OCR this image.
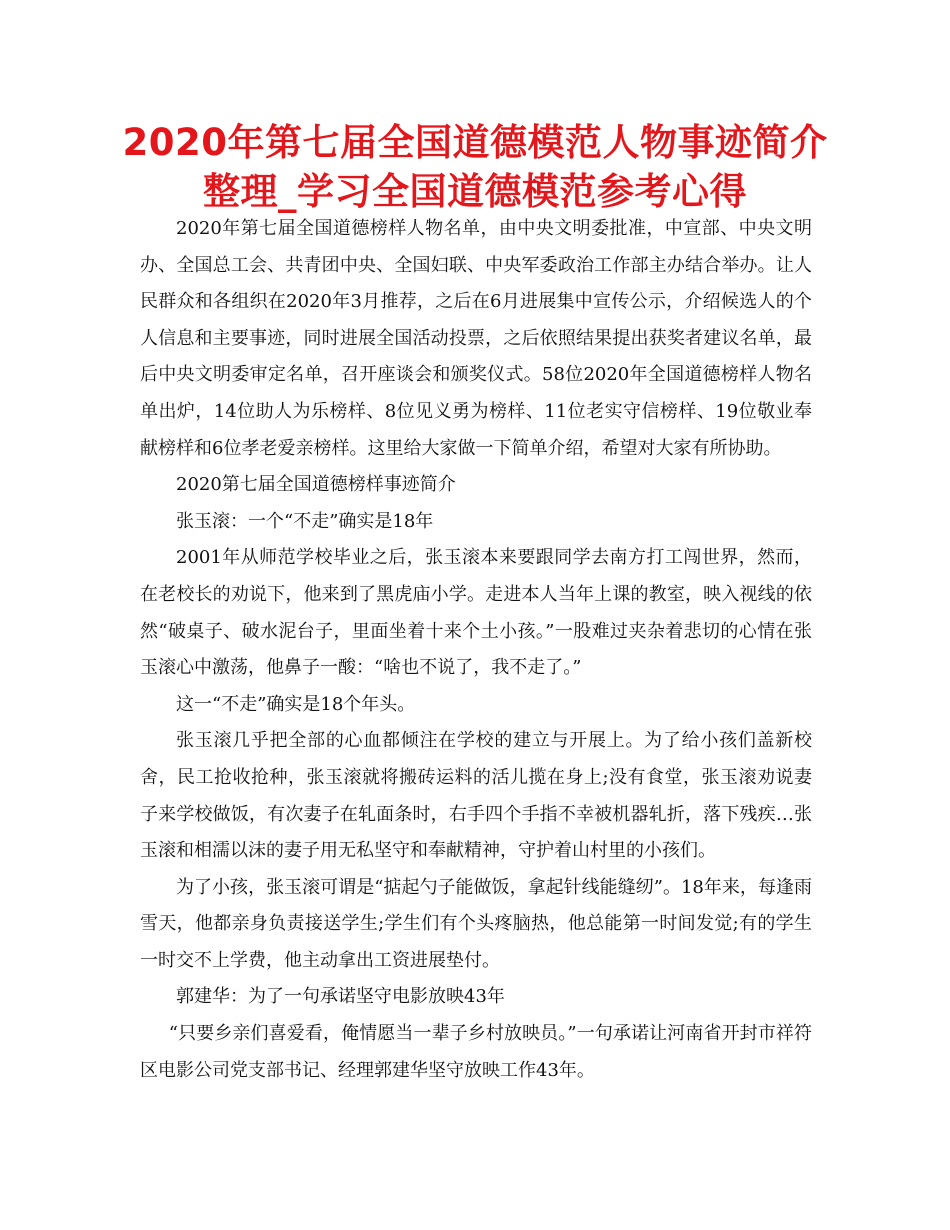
2020年第七届全国道德模范人物事迹简介整理_学习全国道德模范参考心得

2020年第七届全国道德榜样人物名单，由中央文明委批准，中宣部、中央文明办、全国总工会、共青团中央、全国妇联、中央军委政治工作部主办结合举办。让人民群众和各组织在2020年3月推荐，之后在6月进展集中宣传公示，介绍候选人的个人信息和主要事迹，同时进展全国活动投票，之后依照结果提出获奖者建议名单，最后中央文明委审定名单，召开座谈会和颁奖仪式。58位2020年全国道德榜样人物名单出炉，14位助人为乐榜样、8位见义勇为榜样、11位老实守信榜样、19位敬业奉献榜样和6位孝老爱亲榜样。这里给大家做一下简单介绍，希望对大家有所协助。

2020第七届全国道德榜样事迹简介

张玉滚：一个“不走”确实是18年

2001年从师范学校毕业之后，张玉滚本来要跟同学去南方打工闯世界，然而，在老校长的劝说下，他来到了黑虎庙小学。走进本人当年上课的教室，映入视线的依然“破桌子、破水泥台子，里面坐着十来个土小孩。”一股难过夹杂着悲切的心情在张玉滚心中激荡，他鼻子一酸：“啥也不说了，我不走了。”

这一“不走”确实是18个年头。

张玉滚几乎把全部的心血都倾注在学校的建立与开展上。为了给小孩们盖新校舍，民工抢收抢种，张玉滚就将搬砖运料的活儿揽在身上;没有食堂，张玉滚劝说妻子来学校做饭，有次妻子在轧面条时，右手四个手指不幸被机器轧折，落下残疾…张玉滚和相濡以沫的妻子用无私坚守和奉献精神，守护着山村里的小孩们。

为了小孩，张玉滚可谓是“掂起勺子能做饭，拿起针线能缝纫”。18年来，每逢雨雪天，他都亲身负责接送学生;学生们有个头疼脑热，他总能第一时间发觉;有的学生一时交不上学费，他主动拿出工资进展垫付。

郭建华：为了一句承诺坚守电影放映43年

“只要乡亲们喜爱看，俺情愿当一辈子乡村放映员。”一句承诺让河南省开封市祥符区电影公司党支部书记、经理郭建华坚守放映工作43年。
